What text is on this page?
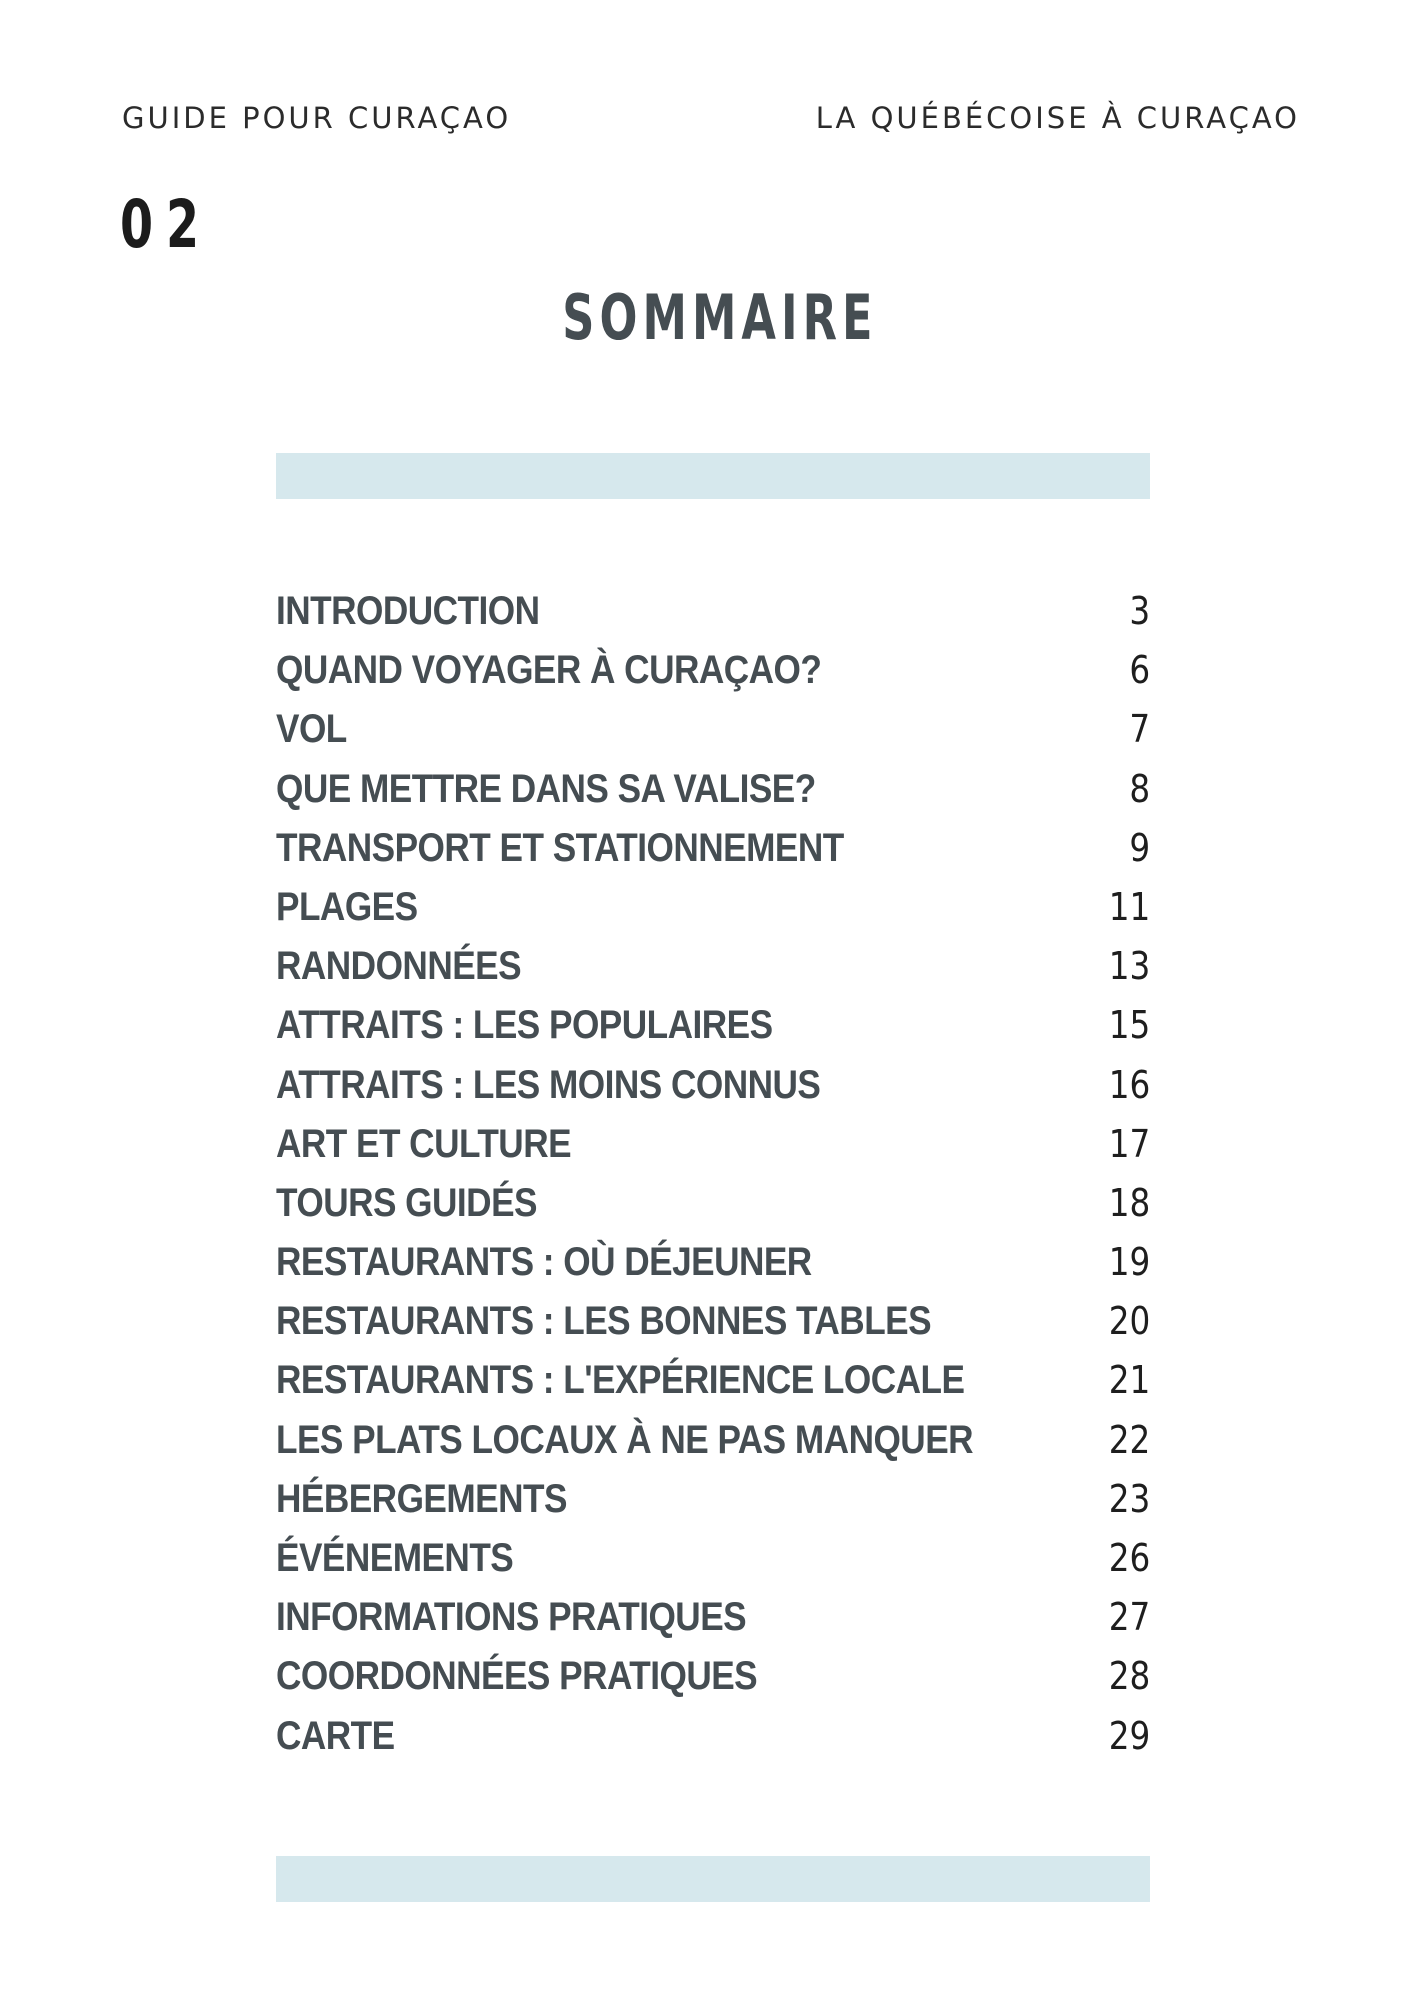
GUIDE POUR CURAÇAO	LA QUÉBÉCOISE À CURAÇAO
02
SOMMAIRE
INTRODUCTION	3
QUAND VOYAGER À CURAÇAO?	6
VOL	7
QUE METTRE DANS SA VALISE?	8
TRANSPORT ET STATIONNEMENT	9
PLAGES	11
RANDONNÉES	13
ATTRAITS : LES POPULAIRES	15
ATTRAITS : LES MOINS CONNUS	16
ART ET CULTURE	17
TOURS GUIDÉS	18
RESTAURANTS : OÙ DÉJEUNER	19
RESTAURANTS : LES BONNES TABLES	20
RESTAURANTS : L'EXPÉRIENCE LOCALE	21
LES PLATS LOCAUX À NE PAS MANQUER	22
HÉBERGEMENTS	23
ÉVÉNEMENTS	26
INFORMATIONS PRATIQUES	27
COORDONNÉES PRATIQUES	28
CARTE	29
